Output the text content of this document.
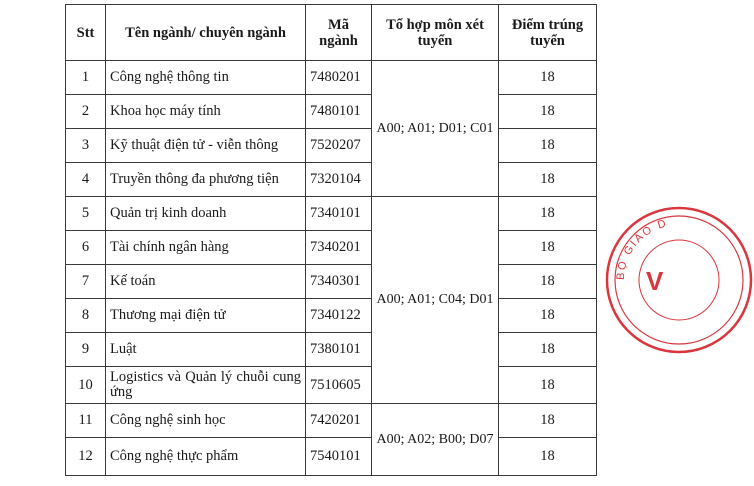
Stt	Tên ngành/ chuyên ngành	Mã ngành	Tổ hợp môn xét tuyển	Điểm trúng tuyển
1	Công nghệ thông tin	7480201	A00; A01; D01; C01	18
2	Khoa học máy tính	7480101		18
3	Kỹ thuật điện tử - viễn thông	7520207		18
4	Truyền thông đa phương tiện	7320104		18
5	Quản trị kinh doanh	7340101	A00; A01; C04; D01	18
6	Tài chính ngân hàng	7340201		18
7	Kế toán	7340301		18
8	Thương mại điện tử	7340122		18
9	Luật	7380101		18
10	Logistics và Quản lý chuỗi cung ứng	7510605		18
11	Công nghệ sinh học	7420201	A00; A02; B00; D07	18
12	Công nghệ thực phẩm	7540101		18
BỘ GIÁO D
V
